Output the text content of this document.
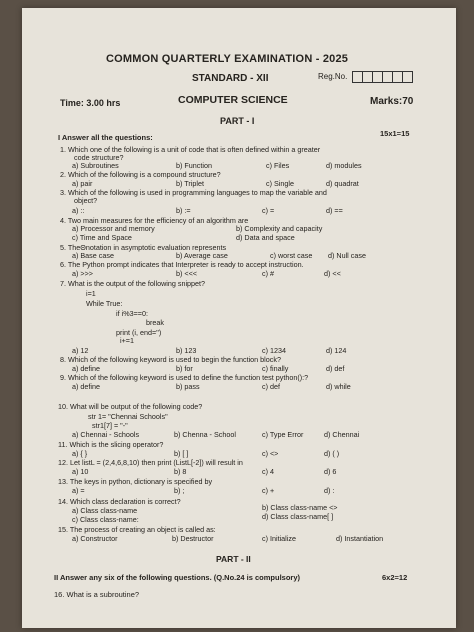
COMMON QUARTERLY EXAMINATION - 2025
STANDARD - XII	Reg.No.
Time: 3.00 hrs	COMPUTER SCIENCE	Marks:70
PART - I
I Answer all the questions:	15x1=15
1. Which one of the following is a unit of code that is often defined within a greater
code structure?
a) Subroutines	b) Function	c) Files	d) modules
2. Which of the following is a compound structure?
a) pair	b) Triplet	c) Single	d) quadrat
3. Which of the following is used in programming languages to map the variable and
object?
a) ::	b) :=	c) =	d) ==
4. Two main measures for the efficiency of an algorithm are
a) Processor and memory	b) Complexity and capacity
c) Time and Space	d) Data and space
5. TheΘnotation in asymptotic evaluation represents
a) Base case	b) Average case	c) worst case d) Null case
6. The Python prompt indicates that Interpreter is ready to accept instruction.
a) >>>	b) <<<	c) #	d) <<
7. What is the output of the following snippet?
i=1
While True:
if i%3==0:
break
print (i, end='')
i+=1
a) 12	b) 123	c) 1234	d) 124
8. Which of the following keyword is used to begin the function block?
a) define	b) for	c) finally	d) def
9. Which of the following keyword is used to define the function test python():?
a) define	b) pass	c) def	d) while
10. What will be output of the following code?
str 1= "Chennai Schools"
str1[7] = "-"
a) Chennai - Schools	b) Chenna - School	c) Type Error	d) Chennai
11. Which is the slicing operator?
a) { }	b) [ ]	c) <>	d) ( )
12. Let listL = (2,4,6,8,10) then print (ListL[-2]) will result in
a) 10	b) 8	c) 4	d) 6
13. The keys in python, dictionary is specified by
a) =	b) ;	c) +	d) :
14. Which class declaration is correct?
a) Class class-name	b) Class class-name <>
c) Class class-name:	d) Class class-name[ ]
15. The process of creating an object is called as:
a) Constructor	b) Destructor	c) Initialize	d) Instantiation
PART - II
II Answer any six of the following questions. (Q.No.24 is compulsory)	6x2=12
16. What is a subroutine?
